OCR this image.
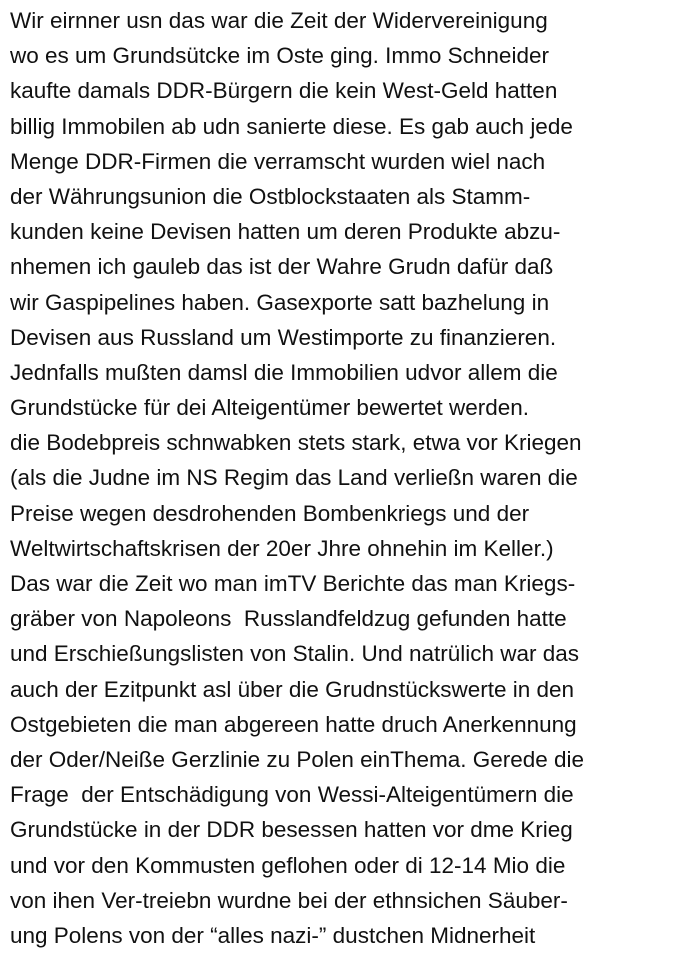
Wir eirnner usn das war die Zeit der Widervereinigung
wo es um Grundsütcke im Oste ging. Immo Schneider
kaufte damals DDR-Bürgern die kein West-Geld hatten
billig Immobilen ab udn sanierte diese. Es gab auch jede
Menge DDR-Firmen die verramscht wurden wiel nach
der Währungsunion die Ostblockstaaten als Stamm-
kunden keine Devisen hatten um deren Produkte abzu-
nhemen ich gauleb das ist der Wahre Grudn dafür daß
wir Gaspipelines haben. Gasexporte satt bazhelung in
Devisen aus Russland um Westimporte zu finanzieren.
Jednfalls mußten damsl die Immobilien udvor allem die
Grundstücke für dei Alteigentümer bewertet werden.
die Bodebpreis schnwabken stets stark, etwa vor Kriegen
(als die Judne im NS Regim das Land verließn waren die
Preise wegen desdrohenden Bombenkriegs und der
Weltwirtschaftskrisen der 20er Jhre ohnehin im Keller.)
Das war die Zeit wo man imTV Berichte das man Kriegs-
gräber von Napoleons  Russlandfeldzug gefunden hatte
und Erschießungslisten von Stalin. Und natrülich war das
auch der Ezitpunkt asl über die Grudnstückswerte in den
Ostgebieten die man abgereen hatte druch Anerkennung
der Oder/Neiße Gerzlinie zu Polen einThema. Gerede die
Frage  der Entschädigung von Wessi-Alteigentümern die
Grundstücke in der DDR besessen hatten vor dme Krieg
und vor den Kommusten geflohen oder di 12-14 Mio die
von ihen Ver-treiebn wurdne bei der ethnsichen Säuber-
ung Polens von der “alles nazi-” dustchen Midnerheit
